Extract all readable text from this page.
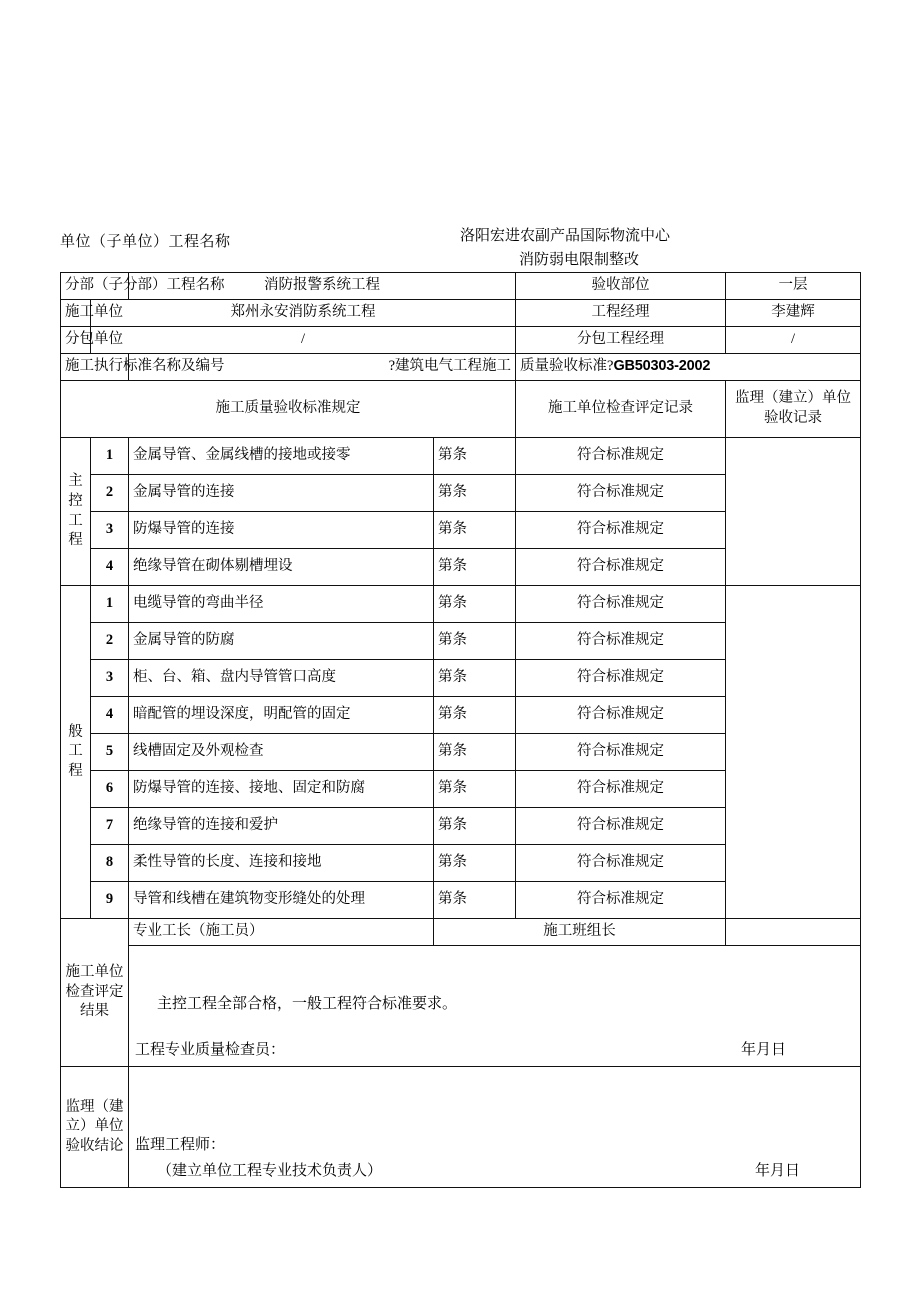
单位（子单位）工程名称	洛阳宏进农副产品国际物流中心
消防弱电限制整改
分部（子分部）工程名称		消防报警系统工程		验收部位	一层
施工单位	郑州永安消防系统工程			工程经理	李建辉
分包单位	/			分包工程经理	/
施工执行标准名称及编号		?建筑电气工程施工		质量验收标准?GB50303-2002	

施工质量验收标准规定				施工单位检查评定记录	监理（建立）单位
验收记录
主控
工程	1	金属导管、金属线槽的接地或接零	第条	符合标准规定	
	2	金属导管的连接	第条	符合标准规定	
	3	防爆导管的连接	第条	符合标准规定	
	4	绝缘导管在砌体剔槽埋设	第条	符合标准规定	
般工
程	1	电缆导管的弯曲半径	第条	符合标准规定	
	2	金属导管的防腐	第条	符合标准规定	
	3	柜、台、箱、盘内导管管口高度	第条	符合标准规定	
	4	暗配管的埋设深度，明配管的固定	第条	符合标准规定	
	5	线槽固定及外观检查	第条	符合标准规定	
	6	防爆导管的连接、接地、固定和防腐	第条	符合标准规定	
	7	绝缘导管的连接和爱护	第条	符合标准规定	
	8	柔性导管的长度、连接和接地	第条	符合标准规定	
	9	导管和线槽在建筑物变形缝处的处理	第条	符合标准规定	
施工单位检查评定结果		专业工长（施工员）	施工班组长		

		主控工程全部合格，一般工程符合标准要求。
工程专业质量检查员： 年月日			

监理（建立）单位验收结论		监理工程师：
（建立单位工程专业技术负责人） 年月日			
